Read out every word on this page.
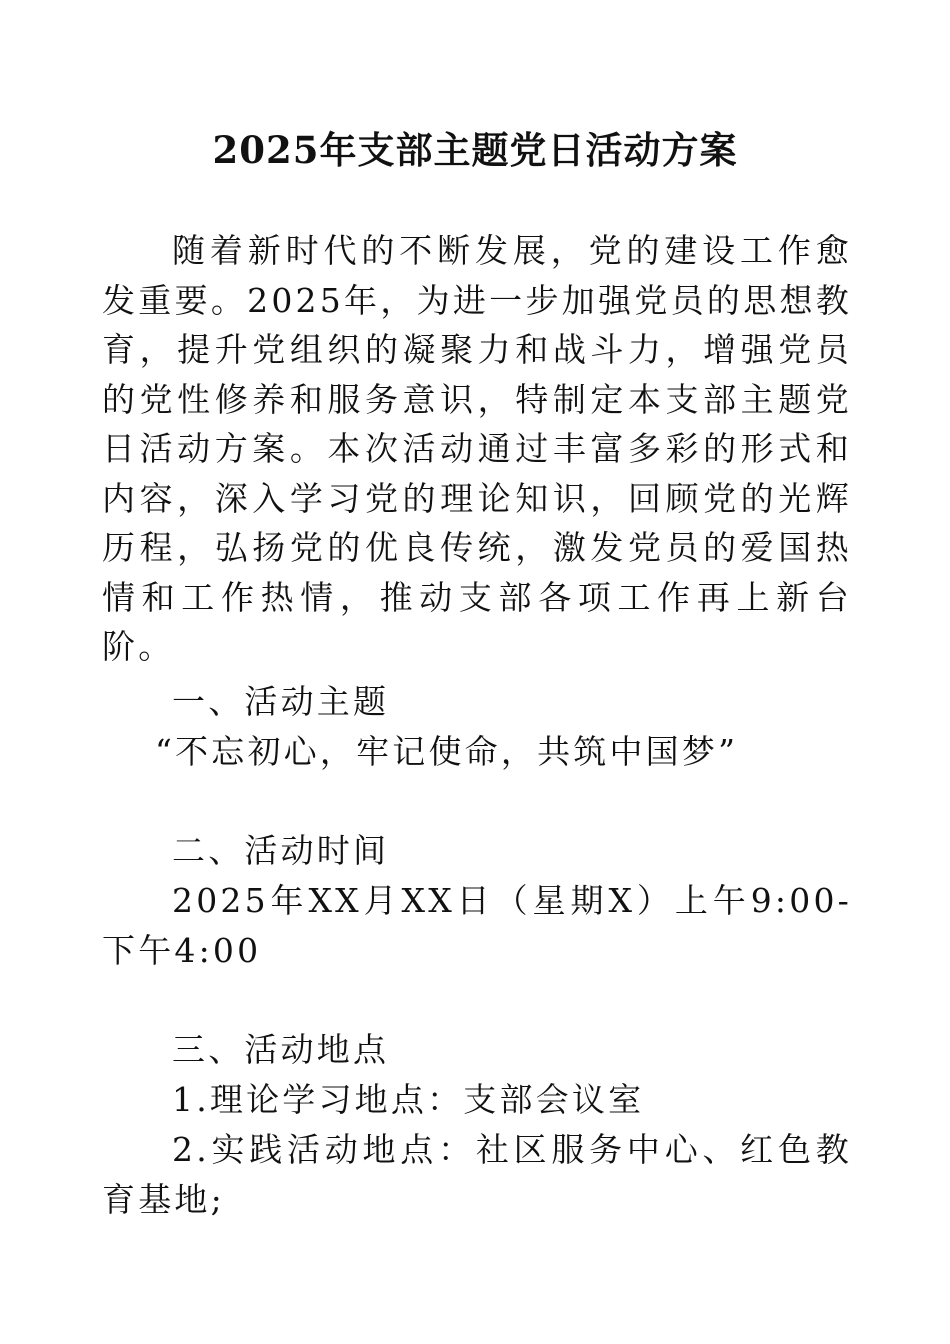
2025年支部主题党日活动方案

随着新时代的不断发展，党的建设工作愈发重要。2025年，为进一步加强党员的思想教育，提升党组织的凝聚力和战斗力，增强党员的党性修养和服务意识，特制定本支部主题党日活动方案。本次活动通过丰富多彩的形式和内容，深入学习党的理论知识，回顾党的光辉历程，弘扬党的优良传统，激发党员的爱国热情和工作热情，推动支部各项工作再上新台阶。

一、活动主题

“不忘初心，牢记使命，共筑中国梦”

二、活动时间

2025年XX月XX日（星期X）上午9:00-下午4:00

三、活动地点

1.理论学习地点：支部会议室

2.实践活动地点：社区服务中心、红色教育基地;
